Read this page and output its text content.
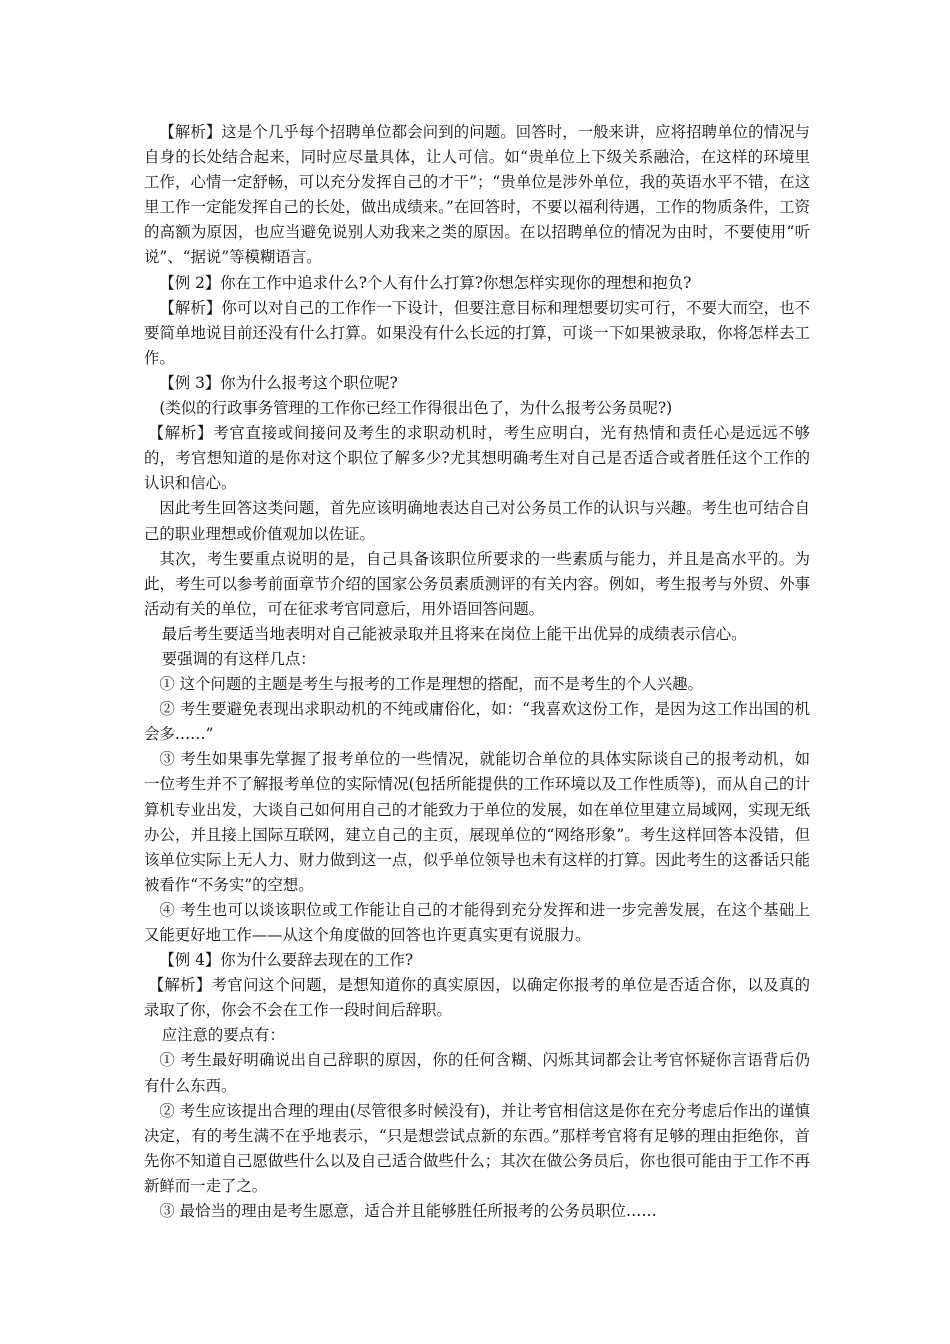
【解析】这是个几乎每个招聘单位都会问到的问题。回答时，一般来讲，应将招聘单位的情况与自身的长处结合起来，同时应尽量具体，让人可信。如“贵单位上下级关系融洽，在这样的环境里工作，心情一定舒畅，可以充分发挥自己的才干”；“贵单位是涉外单位，我的英语水平不错，在这里工作一定能发挥自己的长处，做出成绩来。”在回答时，不要以福利待遇，工作的物质条件，工资的高额为原因，也应当避免说别人劝我来之类的原因。在以招聘单位的情况为由时，不要使用“听说”、“据说”等模糊语言。

【例 2】你在工作中追求什么?个人有什么打算?你想怎样实现你的理想和抱负?

【解析】你可以对自己的工作作一下设计，但要注意目标和理想要切实可行，不要大而空，也不要简单地说目前还没有什么打算。如果没有什么长远的打算，可谈一下如果被录取，你将怎样去工作。

【例 3】你为什么报考这个职位呢?

(类似的行政事务管理的工作你已经工作得很出色了，为什么报考公务员呢?)

【解析】考官直接或间接问及考生的求职动机时，考生应明白，光有热情和责任心是远远不够的，考官想知道的是你对这个职位了解多少?尤其想明确考生对自己是否适合或者胜任这个工作的认识和信心。

因此考生回答这类问题，首先应该明确地表达自己对公务员工作的认识与兴趣。考生也可结合自己的职业理想或价值观加以佐证。

其次，考生要重点说明的是，自己具备该职位所要求的一些素质与能力，并且是高水平的。为此，考生可以参考前面章节介绍的国家公务员素质测评的有关内容。例如，考生报考与外贸、外事活动有关的单位，可在征求考官同意后，用外语回答问题。

最后考生要适当地表明对自己能被录取并且将来在岗位上能干出优异的成绩表示信心。

要强调的有这样几点：

① 这个问题的主题是考生与报考的工作是理想的搭配，而不是考生的个人兴趣。

② 考生要避免表现出求职动机的不纯或庸俗化，如：“我喜欢这份工作，是因为这工作出国的机会多……”

③ 考生如果事先掌握了报考单位的一些情况，就能切合单位的具体实际谈自己的报考动机，如一位考生并不了解报考单位的实际情况(包括所能提供的工作环境以及工作性质等)，而从自己的计算机专业出发，大谈自己如何用自己的才能致力于单位的发展，如在单位里建立局域网，实现无纸办公，并且接上国际互联网，建立自己的主页，展现单位的“网络形象”。考生这样回答本没错，但该单位实际上无人力、财力做到这一点，似乎单位领导也未有这样的打算。因此考生的这番话只能被看作“不务实”的空想。

④ 考生也可以谈该职位或工作能让自己的才能得到充分发挥和进一步完善发展，在这个基础上又能更好地工作——从这个角度做的回答也许更真实更有说服力。

【例 4】你为什么要辞去现在的工作?

【解析】考官问这个问题，是想知道你的真实原因，以确定你报考的单位是否适合你，以及真的录取了你，你会不会在工作一段时间后辞职。

应注意的要点有：

① 考生最好明确说出自己辞职的原因，你的任何含糊、闪烁其词都会让考官怀疑你言语背后仍有什么东西。

② 考生应该提出合理的理由(尽管很多时候没有)，并让考官相信这是你在充分考虑后作出的谨慎决定，有的考生满不在乎地表示，“只是想尝试点新的东西。”那样考官将有足够的理由拒绝你，首先你不知道自己愿做些什么以及自己适合做些什么；其次在做公务员后，你也很可能由于工作不再新鲜而一走了之。

③ 最恰当的理由是考生愿意，适合并且能够胜任所报考的公务员职位……
